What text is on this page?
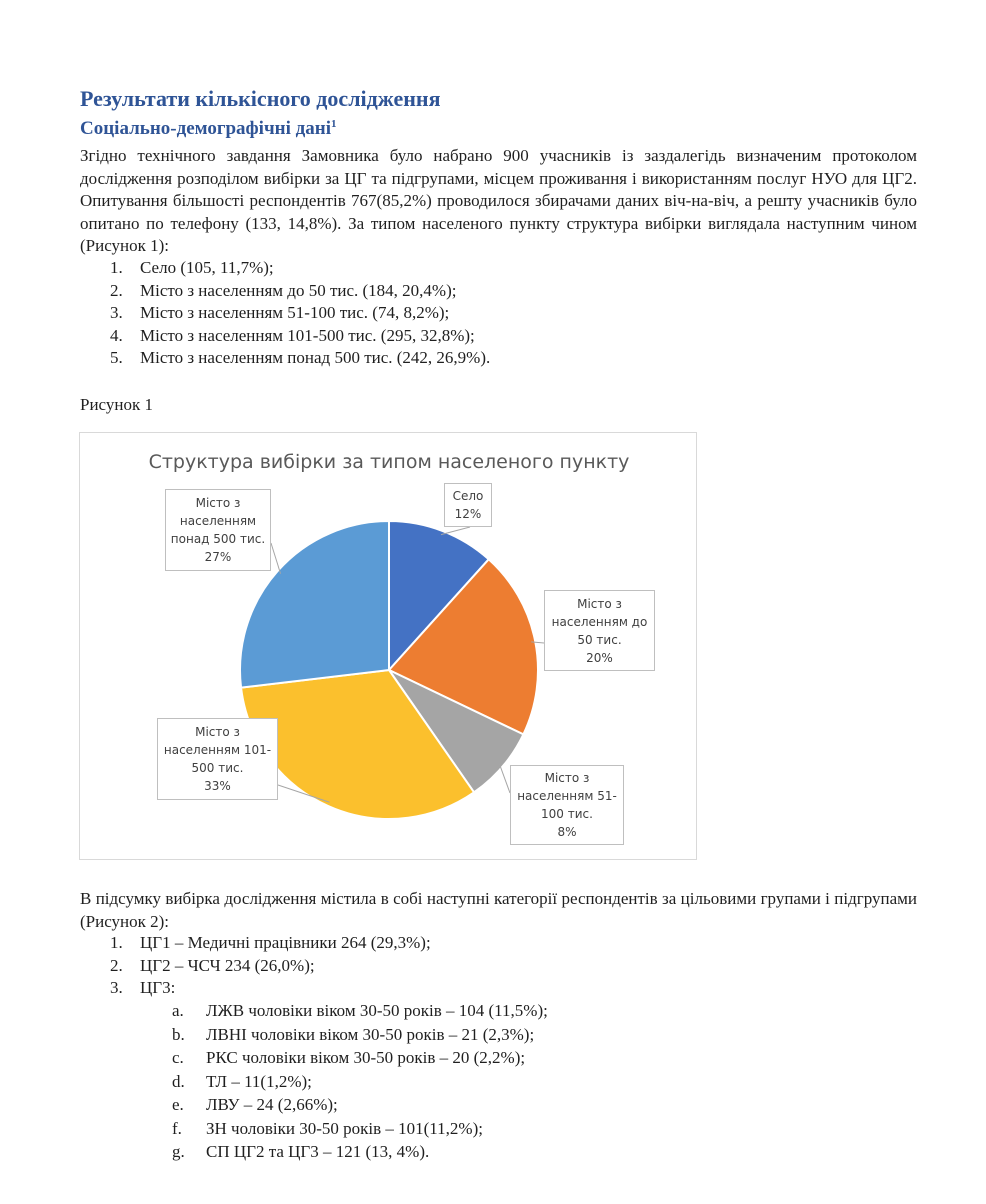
Результати кількісного дослідження
Соціально-демографічні дані$^1$
Згідно технічного завдання Замовника було набрано 900 учасників із заздалегідь визначеним протоколом дослідження розподілом вибірки за ЦГ та підгрупами, місцем проживання і використанням послуг НУО для ЦГ2. Опитування більшості респондентів 767(85,2%) проводилося збирачами даних віч-на-віч, а решту учасників було опитано по телефону (133, 14,8%). За типом населеного пункту структура вибірки виглядала наступним чином (Рисунок 1):
1. Село (105, 11,7%);
2. Місто з населенням до 50 тис. (184, 20,4%);
3. Місто з населенням 51-100 тис. (74, 8,2%);
4. Місто з населенням 101-500 тис. (295, 32,8%);
5. Місто з населенням понад 500 тис. (242, 26,9%).
Рисунок 1
Структура вибірки за типом населеного пункту
Село
12%
Місто з
населенням до
50 тис.
20%
Місто з
населенням 51-
100 тис.
8%
Місто з
населенням 101-
500 тис.
33%
Місто з
населенням
понад 500 тис.
27%
В підсумку вибірка дослідження містила в собі наступні категорії респондентів за цільовими групами і підгрупами (Рисунок 2):
1. ЦГ1 – Медичні працівники 264 (29,3%);
2. ЦГ2 – ЧСЧ 234 (26,0%);
3. ЦГ3:
a. ЛЖВ чоловіки віком 30-50 років – 104 (11,5%);
b. ЛВНІ чоловіки віком 30-50 років – 21 (2,3%);
c. РКС чоловіки віком 30-50 років – 20 (2,2%);
d. ТЛ – 11(1,2%);
e. ЛВУ – 24 (2,66%);
f. ЗН чоловіки 30-50 років – 101(11,2%);
g. СП ЦГ2 та ЦГ3 – 121 (13, 4%).
